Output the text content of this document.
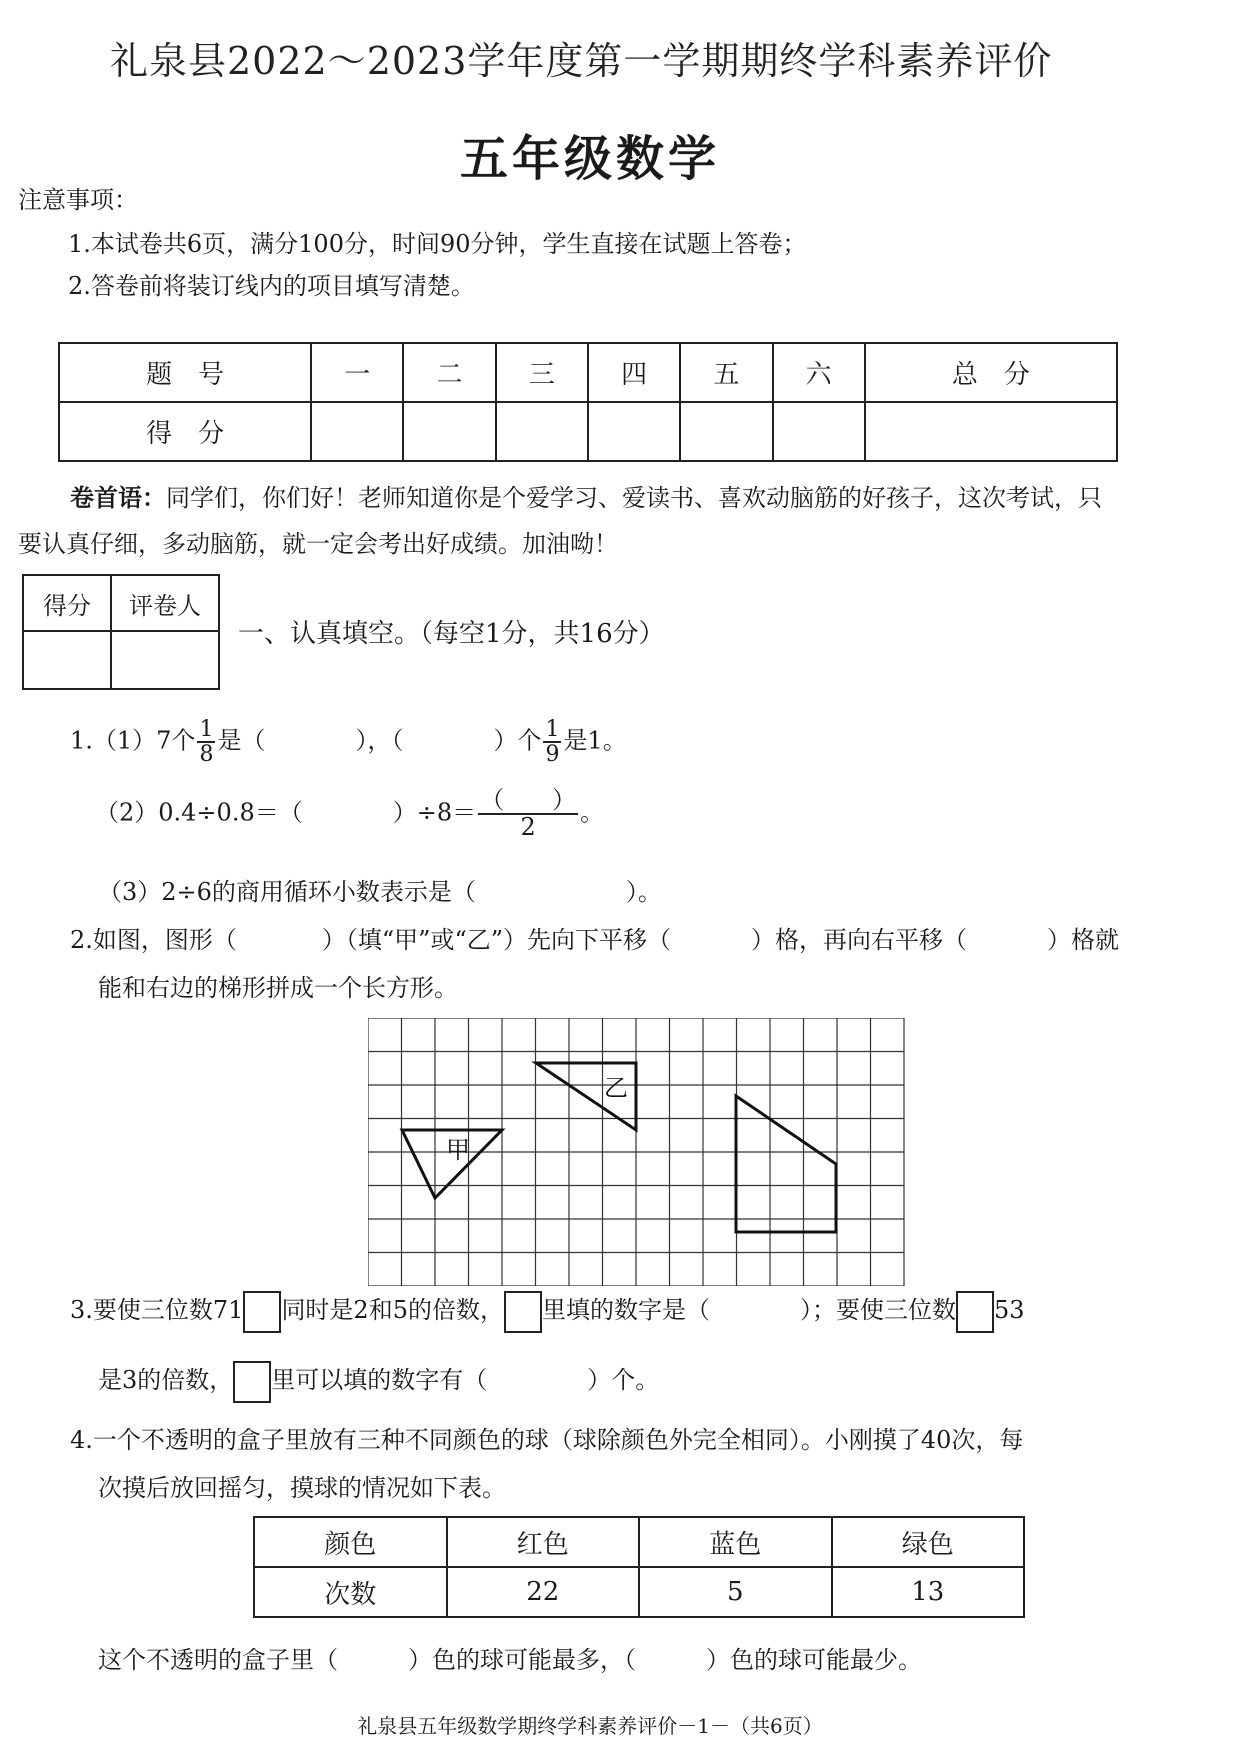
礼泉县2022～2023学年度第一学期期终学科素养评价
五年级数学
注意事项：
1.本试卷共6页，满分100分，时间90分钟，学生直接在试题上答卷；
2.答卷前将装订线内的项目填写清楚。
题　号	一	二	三	四	五	六	总　分
得　分							
卷首语：同学们，你们好！老师知道你是个爱学习、爱读书、喜欢动脑筋的好孩子，这次考试，只
要认真仔细，多动脑筋，就一定会考出好成绩。加油呦！
得分	评卷人

一、认真填空。（每空1分，共16分）
1.（1）7个 $\frac{1}{8}$ 是（	），（	）个 $\frac{1}{9}$ 是1。
（2）0.4÷0.8＝（	）$\div 8= \frac{( )}{2}$ 。
（3）2÷6的商用循环小数表示是（	）。
2.如图，图形（	）（填“甲”或“乙”）先向下平移（	）格，再向右平移（	）格就
能和右边的梯形拼成一个长方形。
甲
乙
3.要使三位数71 同时是2和5的倍数， 里填的数字是（	）；要使三位数 53
是3的倍数， 里可以填的数字有（	）个。
4.一个不透明的盒子里放有三种不同颜色的球（球除颜色外完全相同）。小刚摸了40次，每
次摸后放回摇匀，摸球的情况如下表。
颜色	红色	蓝色	绿色
次数	22	5	13
这个不透明的盒子里（	）色的球可能最多，（	）色的球可能最少。
礼泉县五年级数学期终学科素养评价－1－（共6页）
